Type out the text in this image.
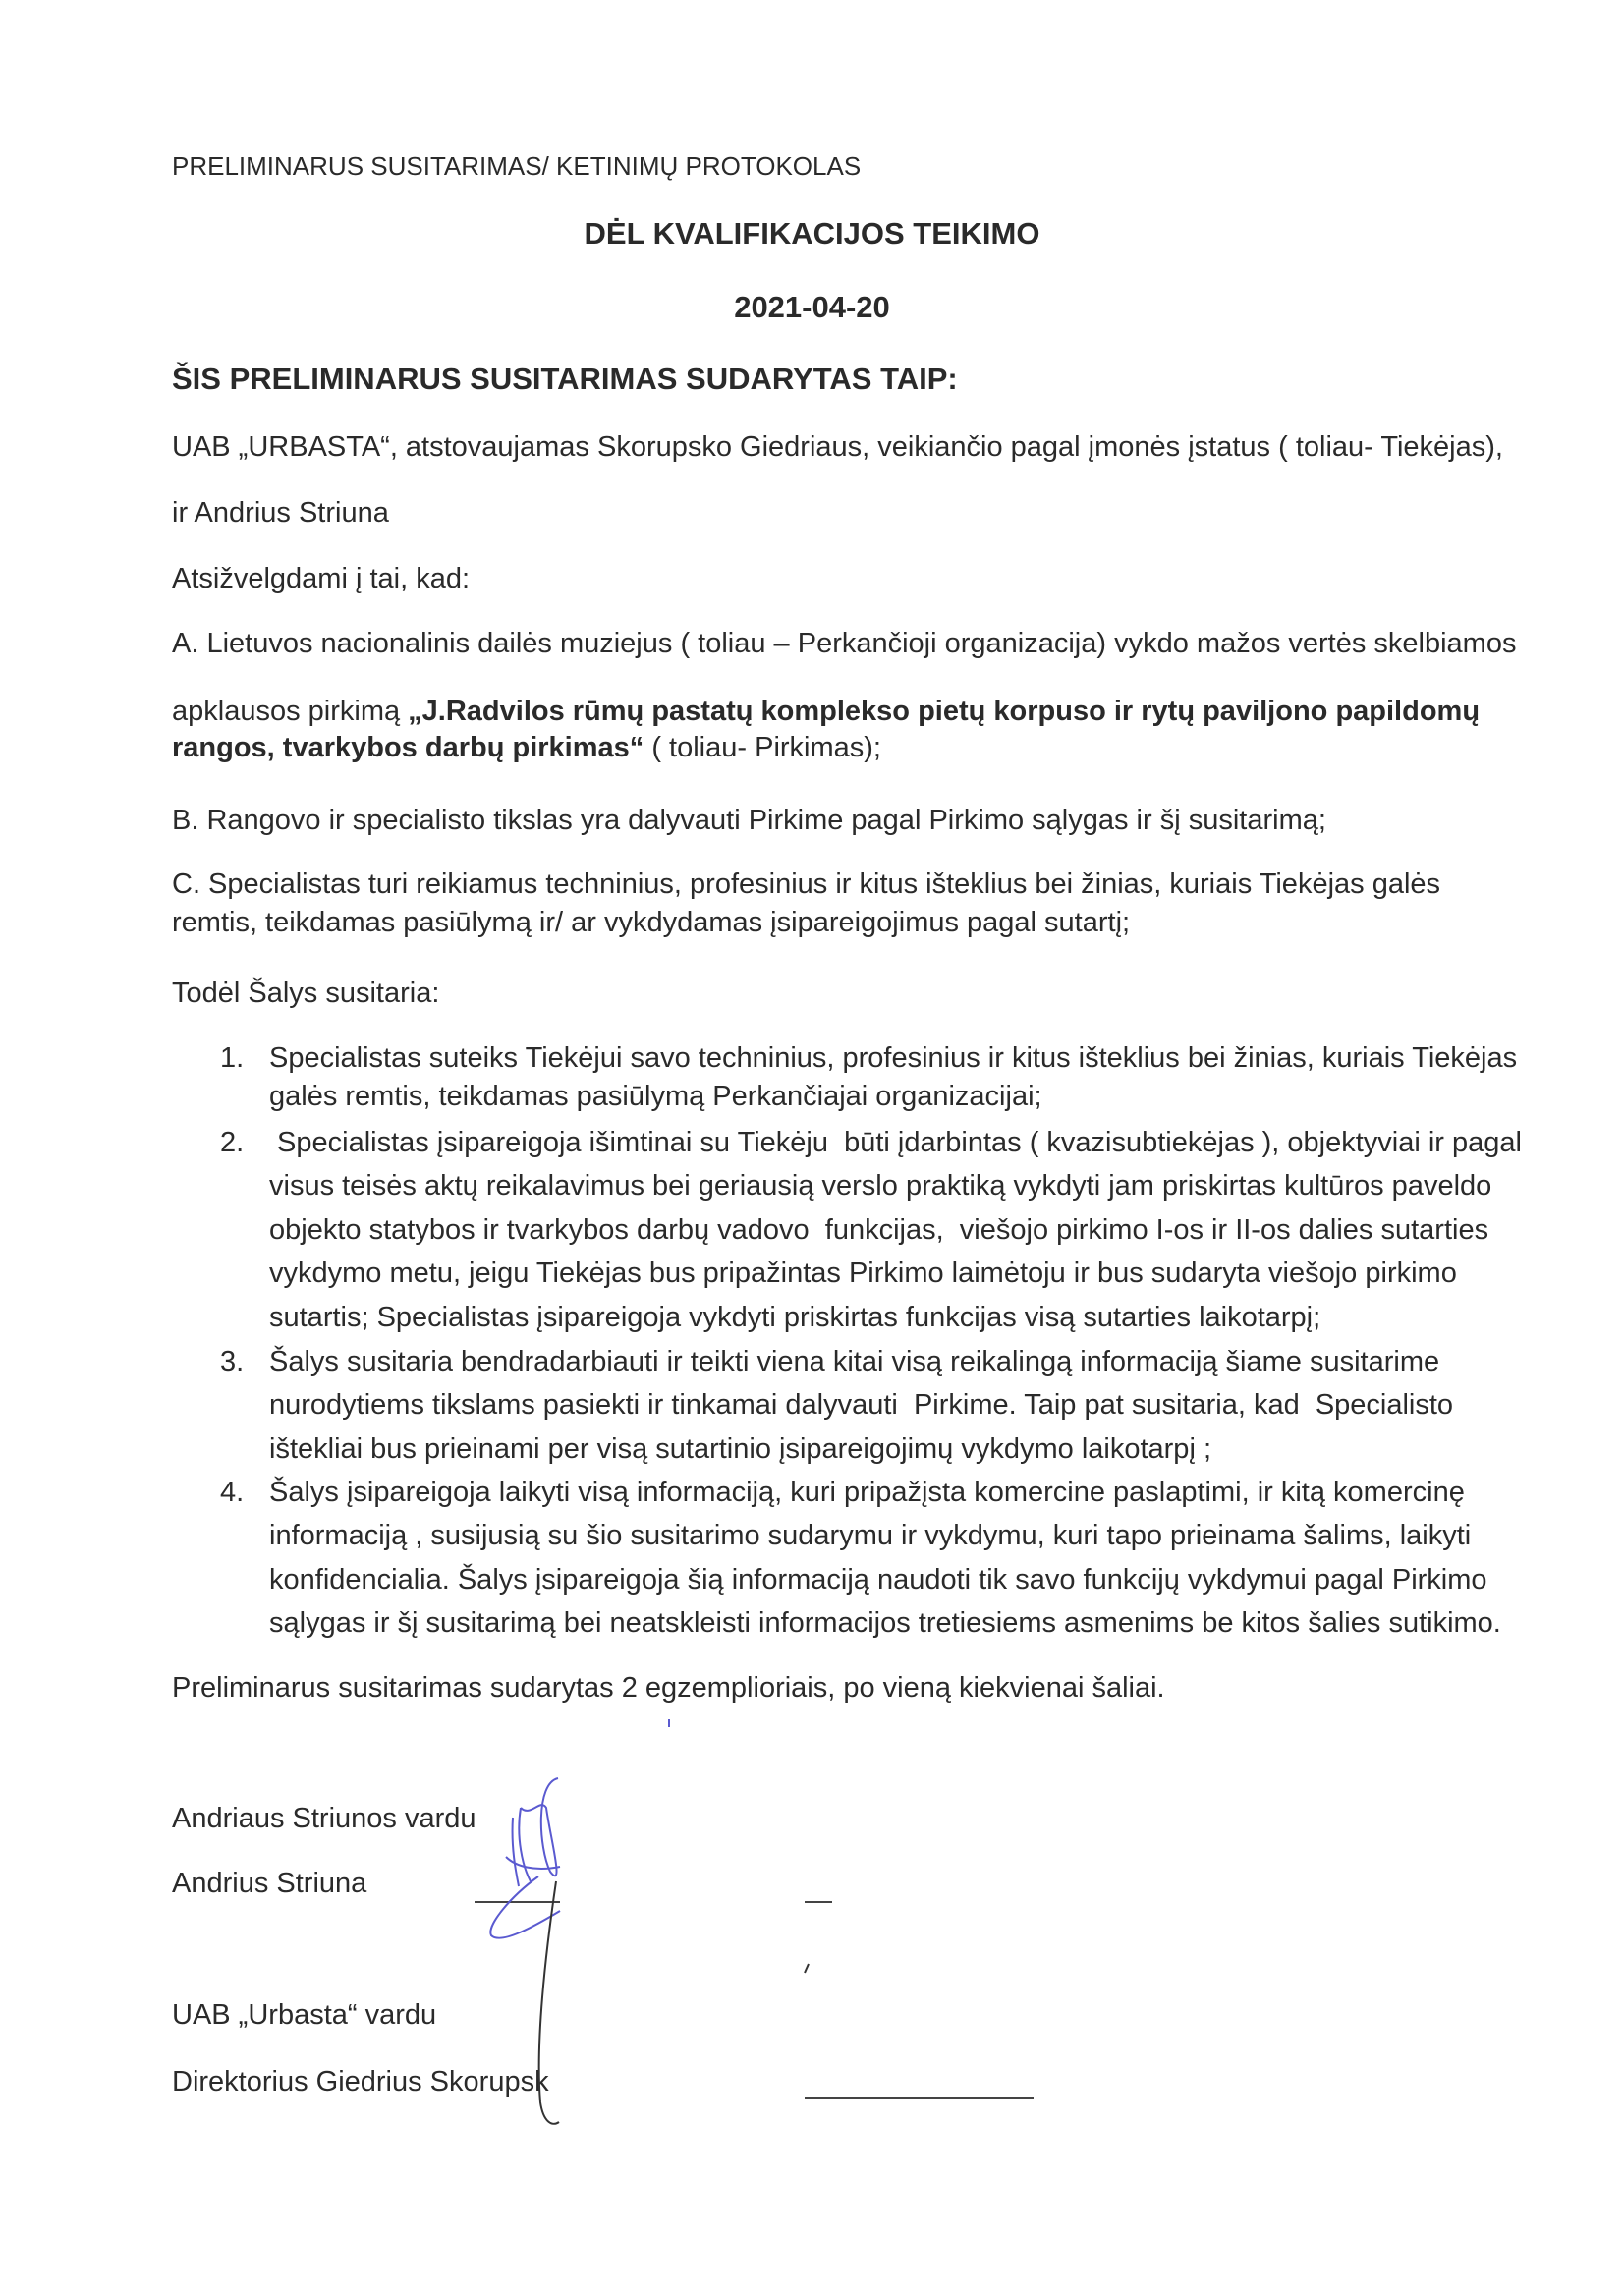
PRELIMINARUS SUSITARIMAS/ KETINIMŲ PROTOKOLAS
DĖL KVALIFIKACIJOS TEIKIMO
2021-04-20
ŠIS PRELIMINARUS SUSITARIMAS SUDARYTAS TAIP:
UAB „URBASTA“, atstovaujamas Skorupsko Giedriaus, veikiančio pagal įmonės įstatus ( toliau- Tiekėjas),
ir Andrius Striuna
Atsižvelgdami į tai, kad:
A. Lietuvos nacionalinis dailės muziejus ( toliau – Perkančioji organizacija) vykdo mažos vertės skelbiamos
apklausos pirkimą „J.Radvilos rūmų pastatų komplekso pietų korpuso ir rytų paviljono papildomų
rangos, tvarkybos darbų pirkimas“ ( toliau- Pirkimas);
B. Rangovo ir specialisto tikslas yra dalyvauti Pirkime pagal Pirkimo sąlygas ir šį susitarimą;
C. Specialistas turi reikiamus techninius, profesinius ir kitus išteklius bei žinias, kuriais Tiekėjas galės
remtis, teikdamas pasiūlymą ir/ ar vykdydamas įsipareigojimus pagal sutartį;
Todėl Šalys susitaria:
1. Specialistas suteiks Tiekėjui savo techninius, profesinius ir kitus išteklius bei žinias, kuriais Tiekėjas
galės remtis, teikdamas pasiūlymą Perkančiajai organizacijai;
2. Specialistas įsipareigoja išimtinai su Tiekėju  būti įdarbintas ( kvazisubtiekėjas ), objektyviai ir pagal
visus teisės aktų reikalavimus bei geriausią verslo praktiką vykdyti jam priskirtas kultūros paveldo
objekto statybos ir tvarkybos darbų vadovo  funkcijas,  viešojo pirkimo I-os ir II-os dalies sutarties
vykdymo metu, jeigu Tiekėjas bus pripažintas Pirkimo laimėtoju ir bus sudaryta viešojo pirkimo
sutartis; Specialistas įsipareigoja vykdyti priskirtas funkcijas visą sutarties laikotarpį;
3. Šalys susitaria bendradarbiauti ir teikti viena kitai visą reikalingą informaciją šiame susitarime
nurodytiems tikslams pasiekti ir tinkamai dalyvauti  Pirkime. Taip pat susitaria, kad  Specialisto
ištekliai bus prieinami per visą sutartinio įsipareigojimų vykdymo laikotarpį ;
4. Šalys įsipareigoja laikyti visą informaciją, kuri pripažįsta komercine paslaptimi, ir kitą komercinę
informaciją , susijusią su šio susitarimo sudarymu ir vykdymu, kuri tapo prieinama šalims, laikyti
konfidencialia. Šalys įsipareigoja šią informaciją naudoti tik savo funkcijų vykdymui pagal Pirkimo
sąlygas ir šį susitarimą bei neatskleisti informacijos tretiesiems asmenims be kitos šalies sutikimo.
Preliminarus susitarimas sudarytas 2 egzemplioriais, po vieną kiekvienai šaliai.
Andriaus Striunos vardu
Andrius Striuna
UAB „Urbasta“ vardu
Direktorius Giedrius Skorupsk
